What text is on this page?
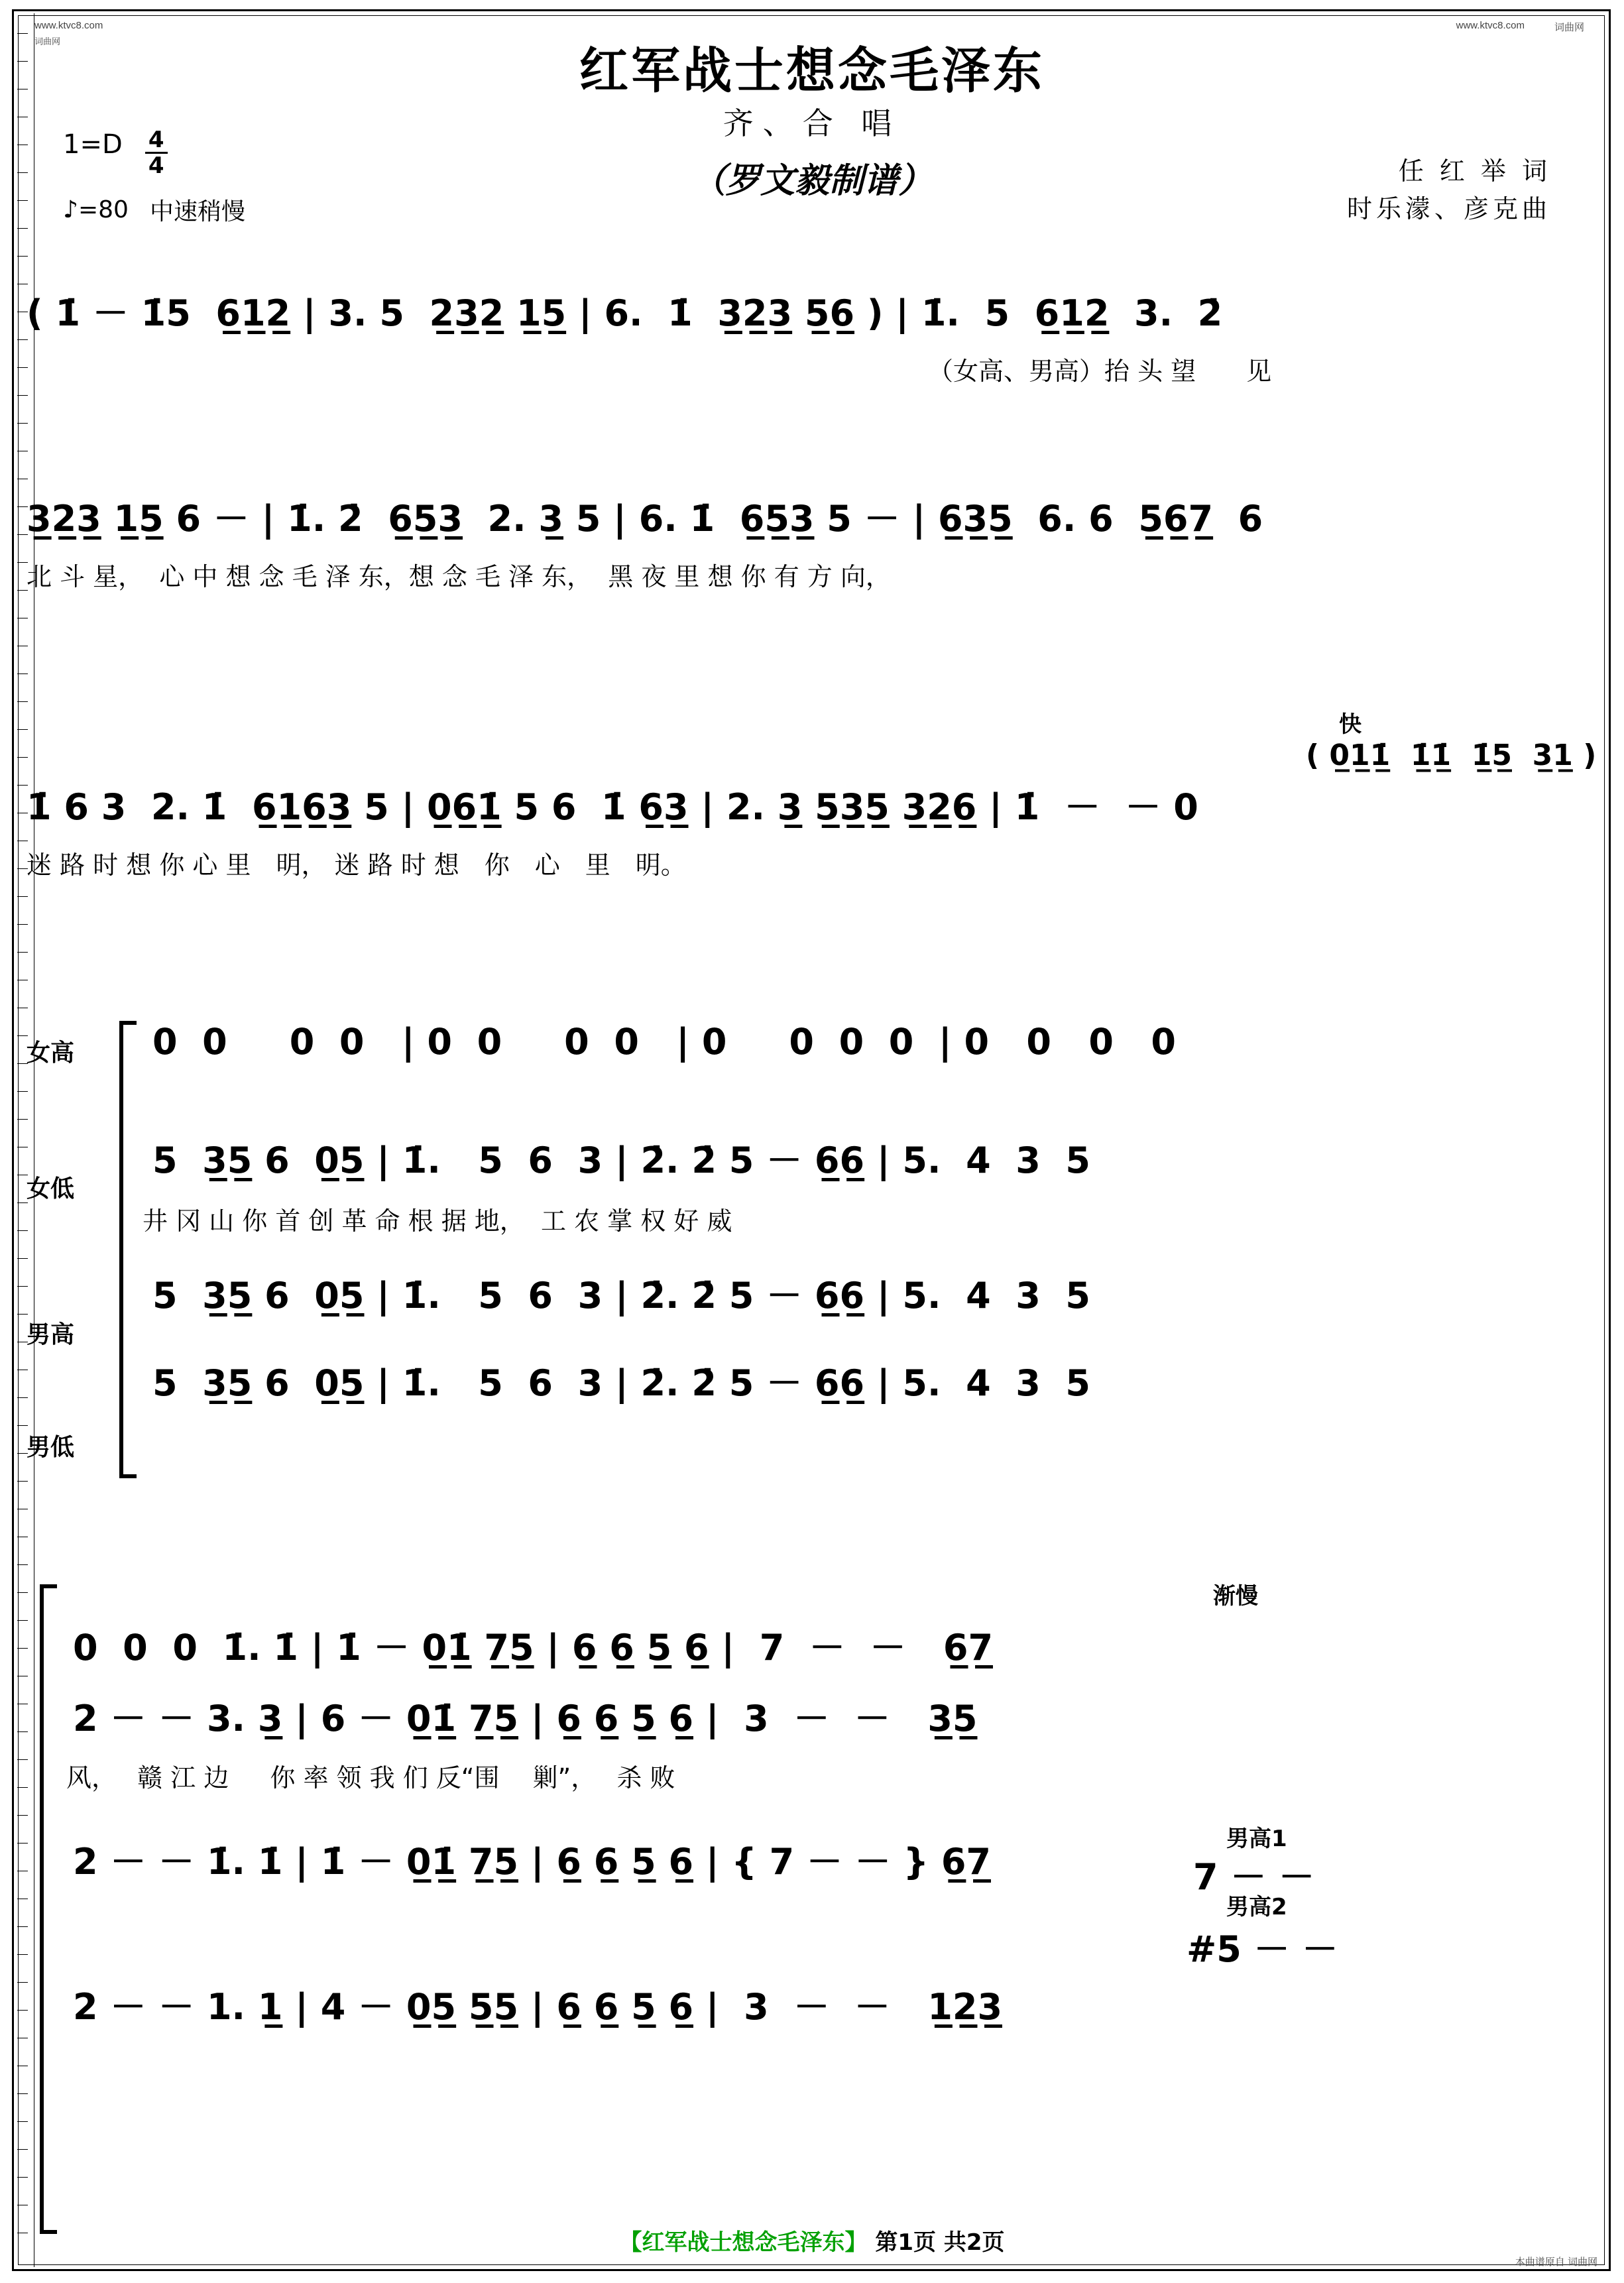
www.ktvc8.com
词曲网
www.ktvc8.com	词曲网
本曲谱原自 词曲网
红军战士想念毛泽东
齐、合 唱
（罗文毅制谱）
$1=D \frac{4}{4}$
♪=80 中速稍慢
任 红 举 词
时乐濛、彦克曲
( 1̇ － 1̇5  6̲1̲2̲ | 3. 5  2̲3̲2̲ 1̲5̲ | 6.  1̇  3̲2̲3̲ 5̲6̲ ) | 1̇.  5  6̲1̲2̲  3.  2̇
（女高、男高）抬 头 望　　见
3̲2̲3̲ 1̲5̲ 6 － | 1̇. 2̇  6̲5̲3̲  2. 3̲ 5 | 6. 1̇  6̲5̲3̲ 5 － | 6̲3̲5̲  6. 6  5̲6̲7̲  6
北 斗 星，  心 中 想 念 毛 泽 东，想 念 毛 泽 东，  黑 夜 里 想 你 有 方 向，
快
( 0̲1̲1̲̇  1̲̇1̲̇  1̲̇5̲  3̲1̲ )
1̇ 6 3  2. 1̇  6̲1̲6̲3̲ 5 | 0̲6̲1̲̇ 5 6  1̇ 6̲3̲ | 2. 3̲ 5̲3̲5̲ 3̲2̲6̲ | 1̇  －  － 0
迷 路 时 想 你 心 里　明， 迷 路 时 想　你　心　里　明。
女高	0  0     0  0   | 0  0     0  0   | 0     0  0  0  | 0   0   0   0
女低
5  3̲5̲ 6  0̲5̲ | 1̇.   5  6  3 | 2̇. 2̇ 5 － 6̲6̲ | 5.  4  3  5
井 冈 山 你 首 创 革 命 根 据 地，  工 农 掌 权 好 威
男高
5  3̲5̲ 6  0̲5̲ | 1̇.   5  6  3 | 2̇. 2̇ 5 － 6̲6̲ | 5.  4  3  5
男低
5  3̲5̲ 6  0̲5̲ | 1̇.   5  6  3 | 2̇. 2̇ 5 － 6̲6̲ | 5.  4  3  5
渐慢
0  0  0  1̇. 1̇ | 1̇ － 0̲1̲̇ 7̲5̲ | 6̲ 6̲ 5̲ 6̲ |  7  －  －   6̲7̲
2 － － 3. 3̲ | 6 － 0̲1̲̇ 7̲5̲ | 6̲ 6̲ 5̲ 6̲ |  3  －  －   3̲5̲
风，　 赣 江 边　  你 率 领 我 们 反“围　 剿”，　 杀 败
男高1
7 － －
2 － － 1̇. 1̇ | 1̇ － 0̲1̲̇ 7̲5̲ | 6̲ 6̲ 5̲ 6̲ | { 7 － － } 6̲7̲
男高2
#5 － －
2 － － 1. 1̲ | 4 － 0̲5̲ 5̲5̲ | 6̲ 6̲ 5̲ 6̲ |  3  －  －   1̲2̲3̲
【红军战士想念毛泽东】 第1页 共2页
